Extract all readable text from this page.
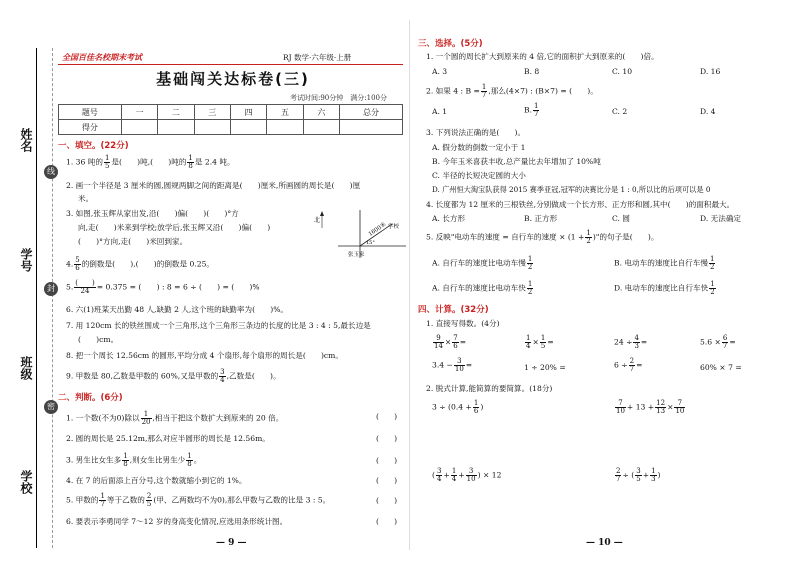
姓名
学号
班级
学校
线
封
密
全国百佳名校期末考试	RJ 数学·六年级·上册
基础闯关达标卷(三)
考试时间:90分钟　满分:100分
题号	一	二	三	四	五	六	总分
得分							
一、填空。(22分)
1. 36 吨的 $\frac{1}{5}$ 是(　　)吨,(　　)吨的 $\frac{1}{8}$ 是 2.4 吨。
2. 画一个半径是 3 厘米的圆,圆规两脚之间的距离是(　　)厘米,所画圆的周长是(　　)厘
米。
3. 如图,张玉辉从家出发,沿(　　)偏(　　)(　　)°方
向,走(　　)米来到学校;放学后,张玉辉又沿(　　)偏(　　)
(　　)°方向,走(　　)米回到家。
北
1600米
15°
学校
张玉家
4. $\frac{5}{6}$ 的倒数是(　　),(　　)的倒数是 0.25。
5. $\frac{( )}{24} = 0.375$ = (　　) : 8 = 6 ÷ (　　) = (　　)%
6. 六(1)班某天出勤 48 人,缺勤 2 人,这个班的缺勤率为(　　)%。
7. 用 120cm 长的铁丝围成一个三角形,这个三角形三条边的长度的比是 3 : 4 : 5,最长边是
(　　)cm。
8. 把一个周长 12.56cm 的圆形,平均分成 4 个扇形,每个扇形的周长是(　　)cm。
9. 甲数是 80,乙数是甲数的 60%,又是甲数的 $\frac{3}{4}$ ,乙数是(　　)。
二、判断。(6分)
1. 一个数(不为0)除以 $\frac{1}{20}$ ,相当于把这个数扩大到原来的 20 倍。
2. 圆的周长是 25.12m,那么对应半圆形的周长是 12.56m。
3. 男生比女生多 $\frac{1}{8}$ ,则女生比男生少 $\frac{1}{8}$ 。
4. 在 7 的后面添上百分号,这个数就缩小到它的 1%。
5. 甲数的 $\frac{1}{7}$ 等于乙数的 $\frac{2}{5}$ (甲、乙两数均不为0),那么甲数与乙数的比是 3 : 5。
6. 要表示李勇同学 7～12 岁的身高变化情况,应选用条形统计图。
(　　)
(　　)
(　　)
(　　)
(　　)
(　　)
— 9 —
三、选择。(5分)
1. 一个圆的周长扩大到原来的 4 倍,它的面积扩大到原来的(　　)倍。
A. 3	B. 8	C. 10	D. 16
2. 如果 4 : $B = \frac{1}{7}$ ,那么(4×7) : (B×7) = (　　)。
A. 1	B. $\frac{1}{7}$	C. 2	D. 4
3. 下列说法正确的是(　　)。
A. 假分数的倒数一定小于 1
B. 今年玉米喜获丰收,总产量比去年增加了 10%吨
C. 半径的长短决定圆的大小
D. 广州恒大淘宝队获得 2015 赛季亚冠,冠军的决赛比分是 1 : 0,所以比的后项可以是 0
4. 长度都为 12 厘米的三根铁丝,分别做成一个长方形、正方形和圆,其中(　　)的面积最大。
A. 长方形	B. 正方形	C. 圆	D. 无法确定
5. 反映"电动车的速度 = 自行车的速度 × ($1 + \frac{1}{2}$ )"的句子是(　　)。
A. 自行车的速度比电动车慢 $\frac{1}{2}$	B. 电动车的速度比自行车慢 $\frac{1}{2}$
A. 自行车的速度比电动车快 $\frac{1}{2}$	D. 电动车的速度比自行车快 $\frac{1}{2}$
四、计算。(32分)
1. 直接写得数。(4分)
$\frac{9}{14} \times \frac{7}{6}$ =	$\frac{1}{4} \times \frac{1}{5}$ =	$24 \div \frac{4}{3}$ =	$5.6 \times \frac{6}{7}$ =
$3.4 - \frac{3}{10}$ =	1 ÷ 20% =	$6 \div \frac{2}{7}$ =	60% × 7 =
2. 脱式计算,能简算的要简算。(18分)
$3 \div (0.4 + \frac{1}{6}$ )	$\frac{7}{10} + 13 + \frac{12}{13} \times \frac{7}{10}$
( $\frac{3}{4} + \frac{1}{4} + \frac{3}{10}$ ) × 12	$\frac{2}{7}$ ÷ ( $\frac{3}{5} + \frac{1}{3}$ )
— 10 —
